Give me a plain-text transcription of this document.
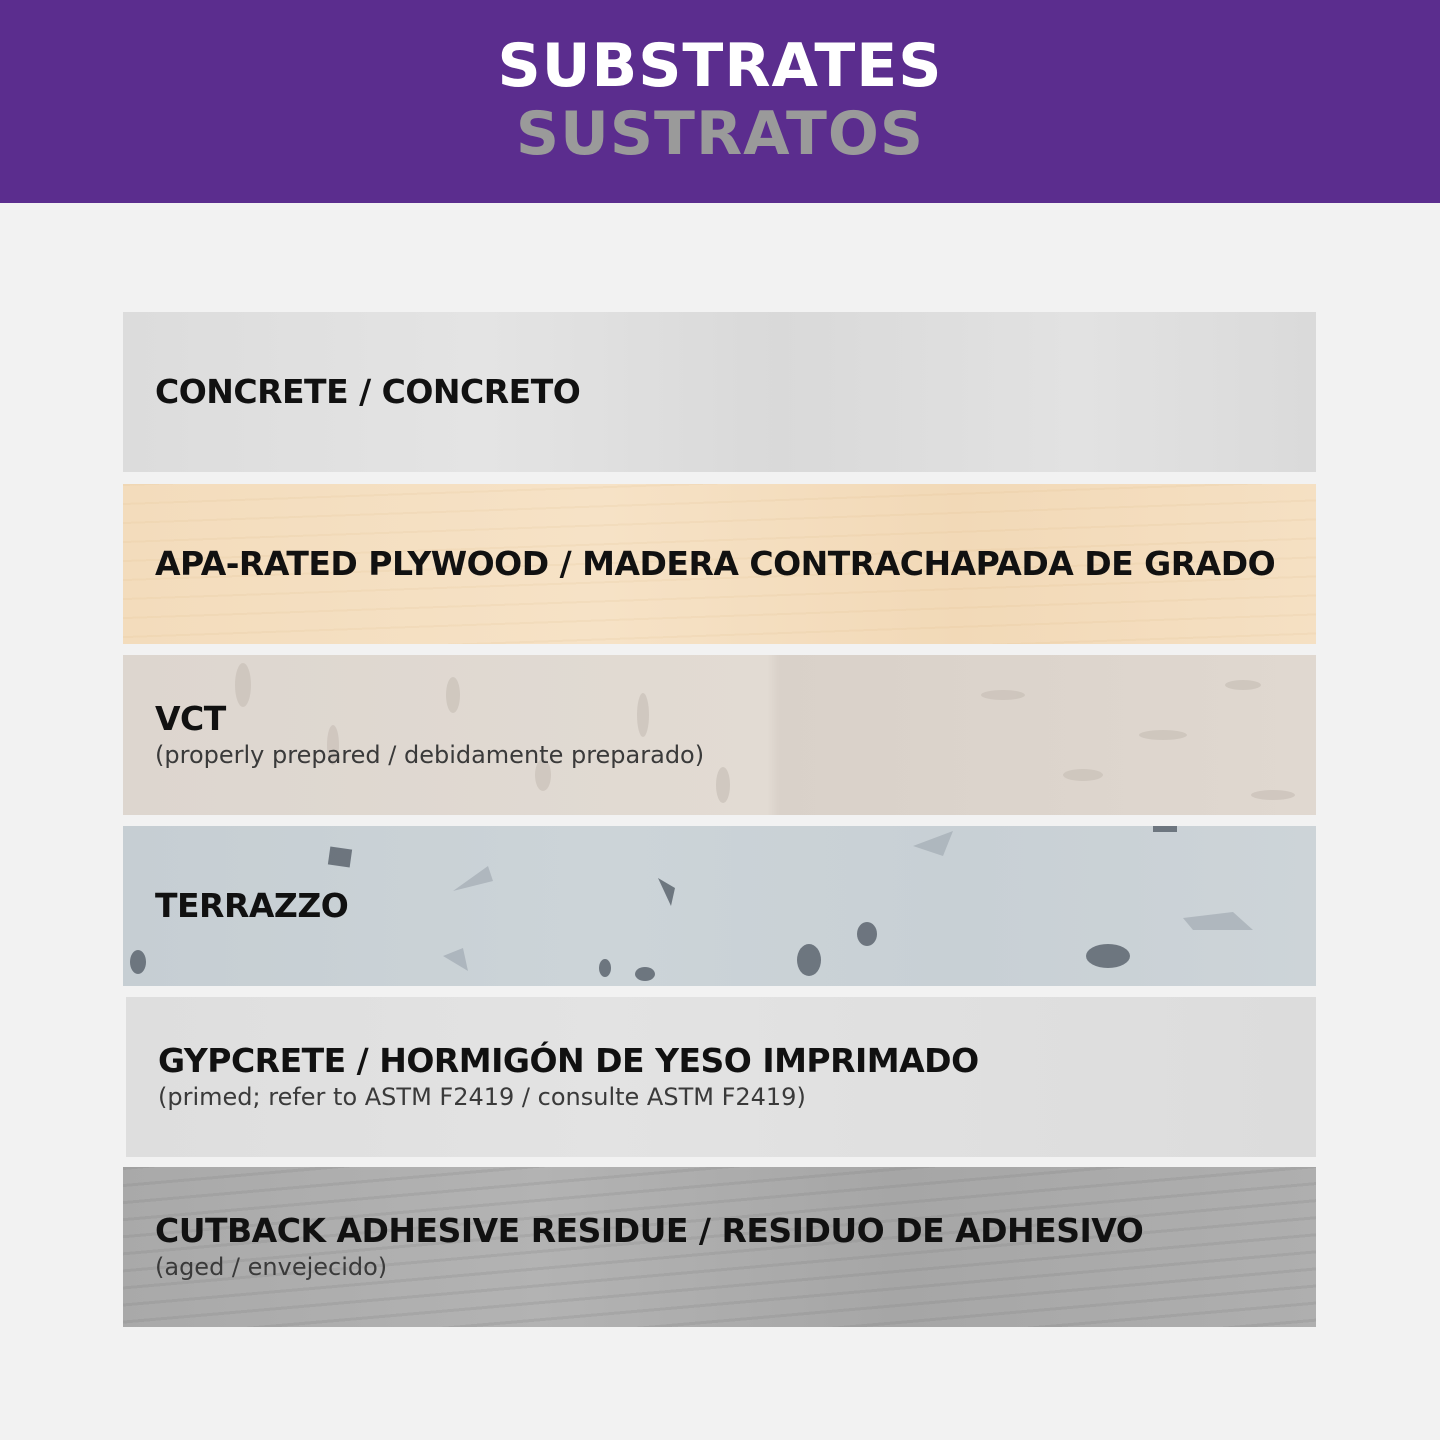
SUBSTRATES
SUSTRATOS
CONCRETE / CONCRETO
APA-RATED PLYWOOD / MADERA CONTRACHAPADA DE GRADO
VCT
(properly prepared / debidamente preparado)
TERRAZZO
GYPCRETE / HORMIGÓN DE YESO IMPRIMADO
(primed; refer to ASTM F2419 / consulte ASTM F2419)
CUTBACK ADHESIVE RESIDUE / RESIDUO DE ADHESIVO
(aged / envejecido)
